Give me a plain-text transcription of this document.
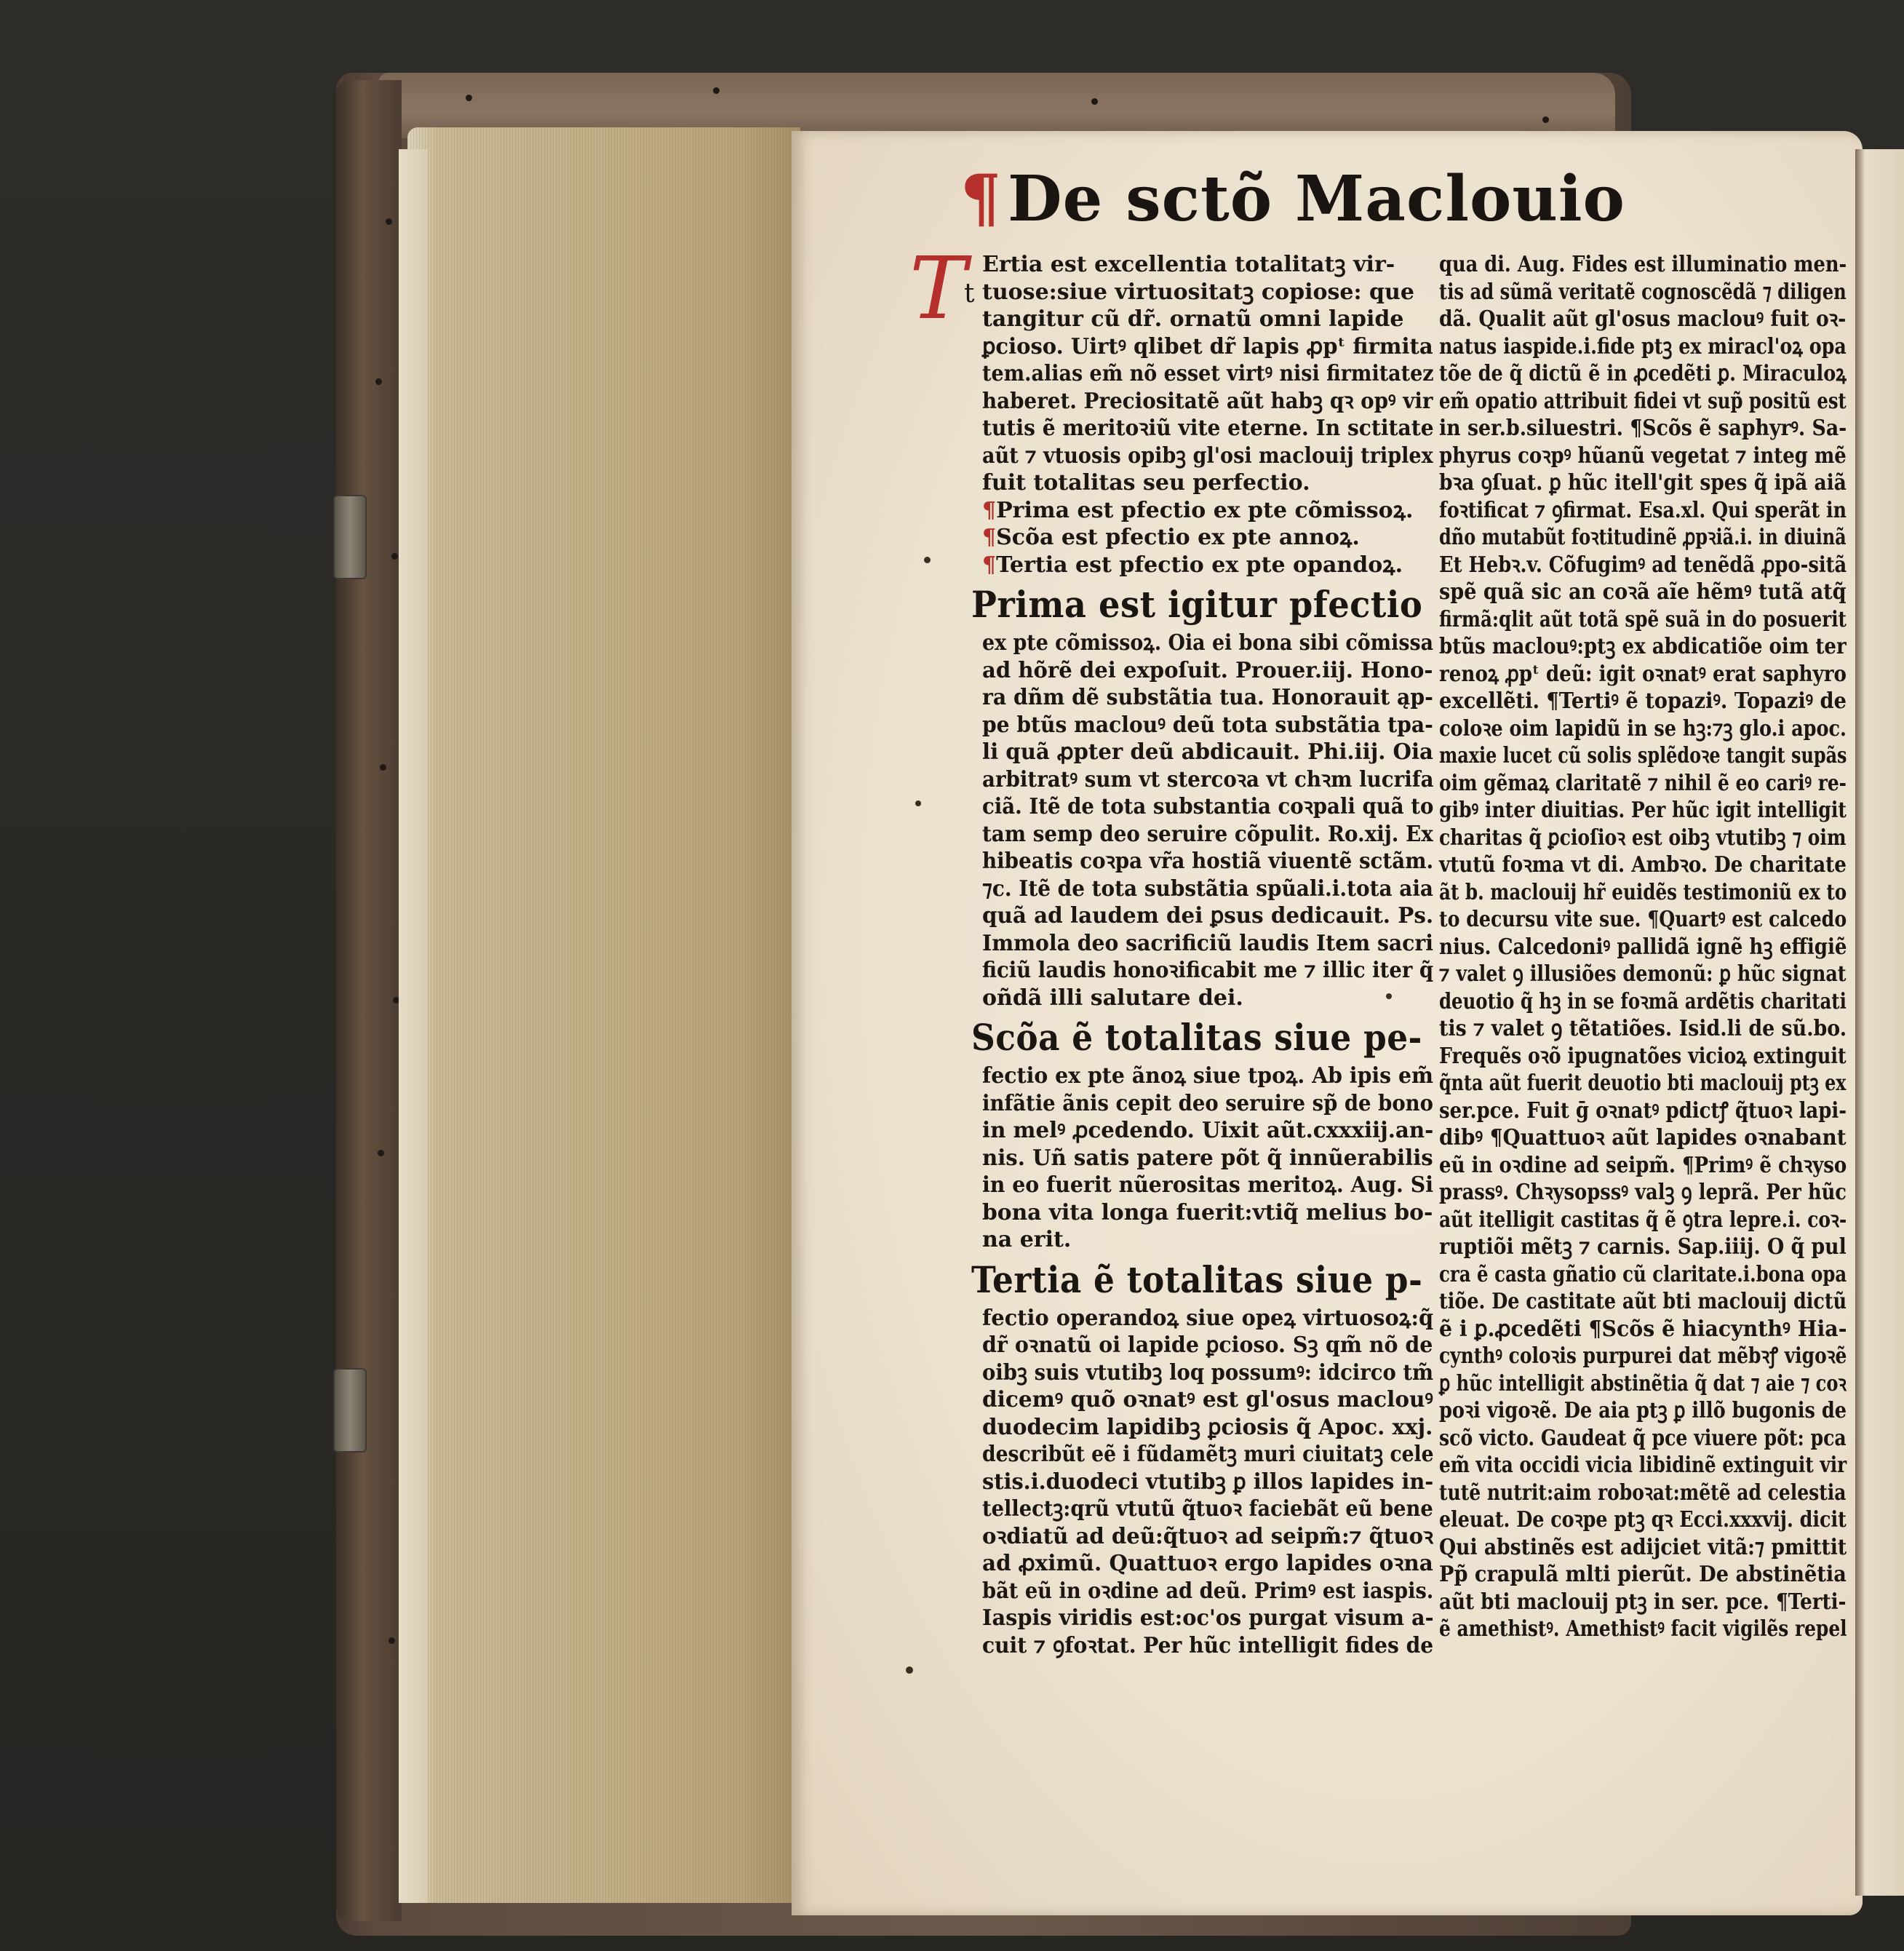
¶De sctõ Maclouio
T
t
Ertia est excellentia totalitatꝫ vir-
tuose:siue virtuositatꝫ copiose: que
tangitur cũ dr̃. ornatũ omni lapide
ꝑcioso. Uirtꝰ qlibet dr̃ lapis ꝓpᵗ firmita
tem.alias em̃ nõ esset virtꝰ nisi firmitatez
haberet. Preciositatẽ aũt habꝫ qꝛ opꝰ vir
tutis ẽ meritoꝛiũ vite eterne. In sctitate
aũt ⁊ vtuosis opibꝫ gl'osi maclouij triplex
fuit totalitas seu perfectio.
¶Prima est pfectio ex pte cõmissoꝝ.
¶Scõa est pfectio ex pte annoꝝ.
¶Tertia est pfectio ex pte opandoꝝ.
Prima est igitur pfectio
ex pte cõmissoꝝ. Oia ei bona sibi cõmissa
ad hõrẽ dei expoſuit. Prouer.iij. Hono-
ra dñm dẽ substãtia tua. Honorauit ąp-
pe btũs maclouꝰ deũ tota substãtia tpa-
li quã ꝓpter deũ abdicauit. Phi.iij. Oia
arbitratꝰ sum vt stercoꝛa vt chꝛm lucrifa
ciã. Itẽ de tota substantia coꝛpali quã to
tam semp deo seruire cõpulit. Ro.xij. Ex
hibeatis coꝛpa vr̃a hostiã viuentẽ sctãm.
⁊c. Itẽ de tota substãtia spũali.i.tota aia
quã ad laudem dei ꝑsus dedicauit. Ps.
Immola deo sacrificiũ laudis Item sacri
ficiũ laudis honoꝛificabit me ⁊ illic iter q̃
oñdã illi salutare dei.
Scõa ẽ totalitas siue pe-
fectio ex pte ãnoꝝ siue tpoꝝ. Ab ipis em̃
infãtie ãnis cepit deo seruire sp̃ de bono
in melꝰ ꝓcedendo. Uixit aũt.cxxxiij.an-
nis. Uñ satis patere põt q̃ innũerabilis
in eo fuerit nũerositas meritoꝝ. Aug. Si
bona vita longa fuerit:vtiq̃ melius bo-
na erit.
Tertia ẽ totalitas siue p-
fectio operandoꝝ siue opeꝝ virtuosoꝝ:q̃
dr̃ oꝛnatũ oi lapide ꝑcioso. Sꝫ qm̃ nõ de
oibꝫ suis vtutibꝫ loq possumꝰ: idcirco tm̃
dicemꝰ quõ oꝛnatꝰ est gl'osus maclouꝰ
duodecim lapidibꝫ ꝑciosis q̃ Apoc. xxj.
describũt eẽ i fũdamẽtꝫ muri ciuitatꝫ cele
stis.i.duodeci vtutibꝫ ꝑ illos lapides in-
tellectꝫ:qrũ vtutũ q̃tuoꝛ faciebãt eũ bene
oꝛdiatũ ad deũ:q̃tuoꝛ ad seipm̃:⁊ q̃tuoꝛ
ad ꝓximũ. Quattuoꝛ ergo lapides oꝛna
bãt eũ in oꝛdine ad deũ. Primꝰ est iaspis.
Iaspis viridis est:oc'os purgat visum a-
cuit ⁊ ꝯfoꝛtat. Per hũc intelligit fides de
qua di. Aug. Fides est illuminatio men-
tis ad sũmã veritatẽ cognoscẽdã ⁊ diligen
dã. Qualit aũt gl'osus maclouꝰ fuit oꝛ-
natus iaspide.i.fide ptꝫ ex miracl'oꝝ opa
tõe de q̃ dictũ ẽ in ꝓcedẽti ꝑ. Miraculoꝝ
em̃ opatio attribuit fidei vt sup̃ positũ est
in ser.b.siluestri. ¶Scõs ẽ saphyrꝰ. Sa-
phyrus coꝛpꝰ hũanũ vegetat ⁊ integ mẽ
bꝛa ꝯſuat. ꝑ hũc itell'git spes q̃ ipã aiã
foꝛtificat ⁊ ꝯfirmat. Esa.xl. Qui sperãt in
dño mutabũt foꝛtitudinẽ ꝓpꝛiã.i. in diuinã
Et Hebꝛ.v. Cõfugimꝰ ad tenẽdã ꝓpo-sitã
spẽ quã sic an coꝛã aĩe hẽmꝰ tutã atq̃
firmã:qlit aũt totã spẽ suã in do posuerit
btũs maclouꝰ:ptꝫ ex abdicatiõe oim ter
renoꝝ ꝓpᵗ deũ: igit oꝛnatꝰ erat saphyro
excellẽti. ¶Tertiꝰ ẽ topaziꝰ. Topaziꝰ de
coloꝛe oim lapidũ in se hꝫ:⁊ꝫ glo.i apoc.
maxie lucet cũ solis splẽdoꝛe tangit supãs
oim gẽmaꝝ claritatẽ ⁊ nihil ẽ eo cariꝰ re-
gibꝰ inter diuitias. Per hũc igit intelligit
charitas q̃ ꝑcioſioꝛ est oibꝫ vtutibꝫ ⁊ oim
vtutũ foꝛma vt di. Ambꝛo. De charitate
ãt b. maclouij hr̃ euidẽs testimoniũ ex to
to decursu vite sue. ¶Quartꝰ est calcedo
nius. Calcedoniꝰ pallidã ignẽ hꝫ effigiẽ
⁊ valet ꝯ illusiões demonũ: ꝑ hũc signat
deuotio q̃ hꝫ in se foꝛmã ardẽtis charitati
tis ⁊ valet ꝯ tẽtatiões. Isid.li de sũ.bo.
Frequẽs oꝛõ ipugnatões vicioꝝ extinguit
q̃nta aũt fuerit deuotio bti maclouij ptꝫ ex
ser.pce. Fuit ḡ oꝛnatꝰ pdictꝭ q̃tuoꝛ lapi-
dibꝰ ¶Quattuoꝛ aũt lapides oꝛnabant
eũ in oꝛdine ad seipm̃. ¶Primꝰ ẽ chꝛyso
prassꝰ. Chꝛysopssꝰ valꝫ ꝯ leprã. Per hũc
aũt itelligit castitas q̃ ẽ ꝯtra lepre.i. coꝛ-
ruptiõi mẽtꝫ ⁊ carnis. Sap.iiij. O q̃ pul
cra ẽ casta gñatio cũ claritate.i.bona opa
tiõe. De castitate aũt bti maclouij dictũ
ẽ i ꝑ.ꝓcedẽti ¶Scõs ẽ hiacynthꝰ Hia-
cynthꝰ coloꝛis purpurei dat mẽbꝛꝭ vigoꝛẽ
ꝑ hũc intelligit abstinẽtia q̃ dat ⁊ aie ⁊ coꝛ
poꝛi vigoꝛẽ. De aia ptꝫ ꝑ illõ bugonis de
scõ victo. Gaudeat q̃ pce viuere põt: pca
em̃ vita occidi vicia libidinẽ extinguit vir
tutẽ nutrit:aim roboꝛat:mẽtẽ ad celestia
eleuat. De coꝛpe ptꝫ qꝛ Ecci.xxxvij. dicit
Qui abstinẽs est adijciet vitã:⁊ pmittit
Pp̃ crapulã mlti pierũt. De abstinẽtia
aũt bti maclouij ptꝫ in ser. pce. ¶Terti-
ẽ amethistꝰ. Amethistꝰ facit vigilẽs repel
